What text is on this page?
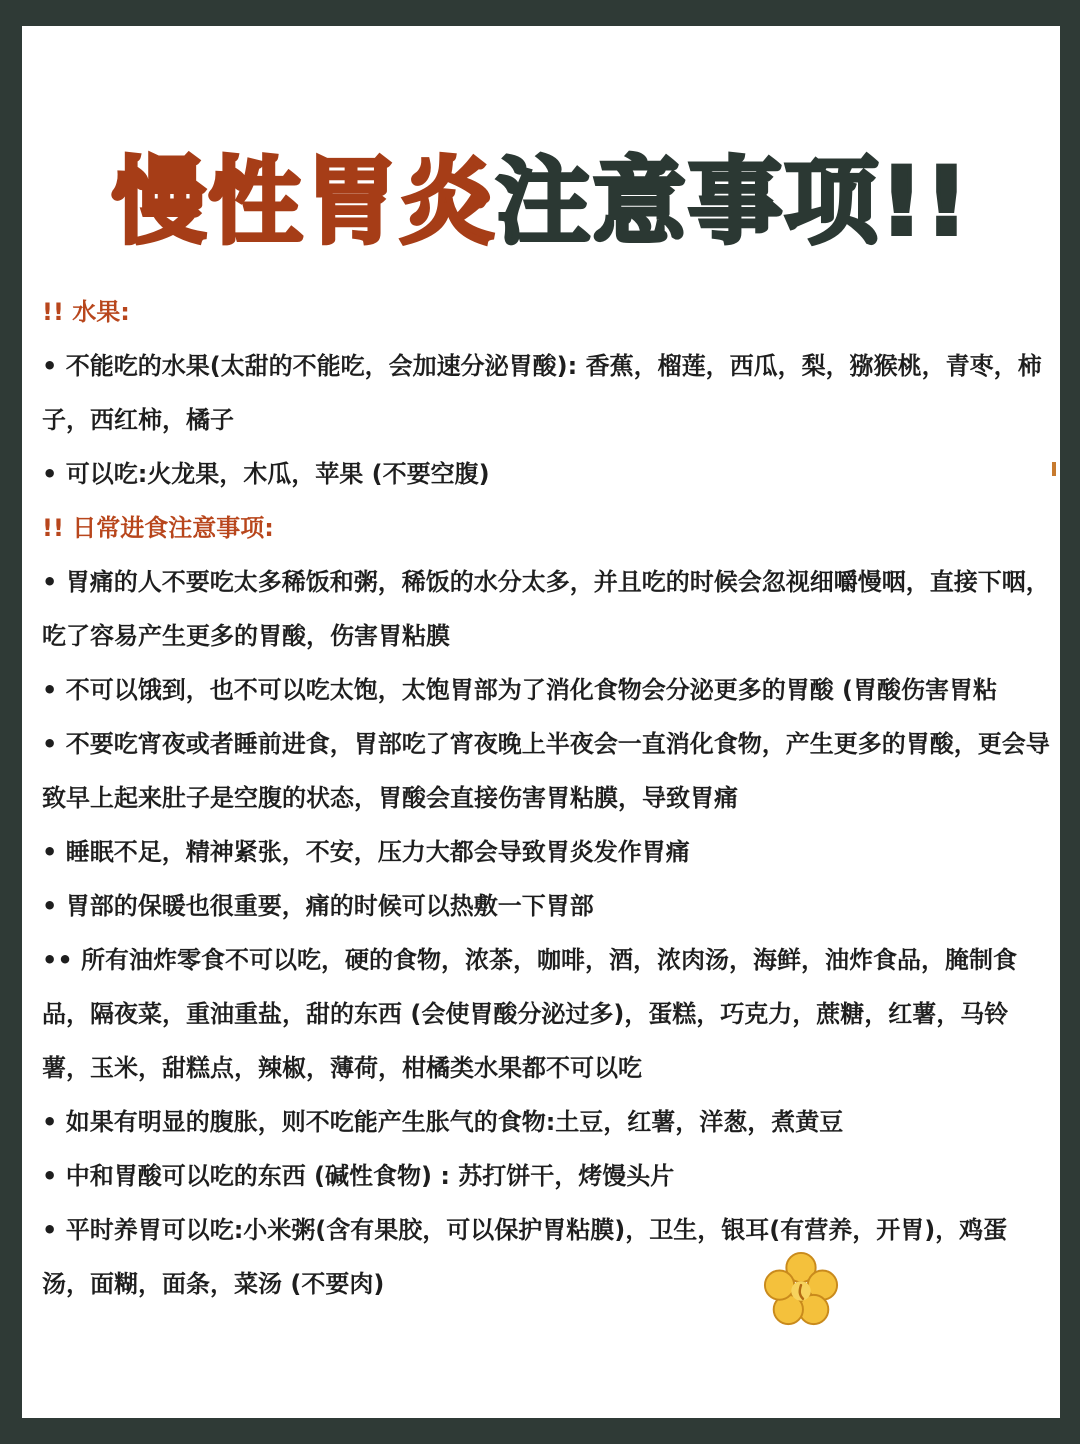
慢性胃炎注意事项!!

!! 水果:

• 不能吃的水果(太甜的不能吃，会加速分泌胃酸): 香蕉，榴莲，西瓜，梨，猕猴桃，青枣，柿子，西红柿，橘子

• 可以吃:火龙果，木瓜，苹果 (不要空腹)

!! 日常进食注意事项:

• 胃痛的人不要吃太多稀饭和粥，稀饭的水分太多，并且吃的时候会忽视细嚼慢咽，直接下咽，吃了容易产生更多的胃酸，伤害胃粘膜

• 不可以饿到，也不可以吃太饱，太饱胃部为了消化食物会分泌更多的胃酸 (胃酸伤害胃粘

• 不要吃宵夜或者睡前进食，胃部吃了宵夜晚上半夜会一直消化食物，产生更多的胃酸，更会导致早上起来肚子是空腹的状态，胃酸会直接伤害胃粘膜，导致胃痛

• 睡眠不足，精神紧张，不安，压力大都会导致胃炎发作胃痛

• 胃部的保暖也很重要，痛的时候可以热敷一下胃部

•• 所有油炸零食不可以吃，硬的食物，浓茶，咖啡，酒，浓肉汤，海鲜，油炸食品，腌制食品，隔夜菜，重油重盐，甜的东西 (会使胃酸分泌过多)，蛋糕，巧克力，蔗糖，红薯，马铃薯，玉米，甜糕点，辣椒，薄荷，柑橘类水果都不可以吃

• 如果有明显的腹胀，则不吃能产生胀气的食物:土豆，红薯，洋葱，煮黄豆

• 中和胃酸可以吃的东西 (碱性食物) : 苏打饼干，烤馒头片

• 平时养胃可以吃:小米粥(含有果胶，可以保护胃粘膜)，卫生，银耳(有营养，开胃)，鸡蛋汤，面糊，面条，菜汤 (不要肉)
